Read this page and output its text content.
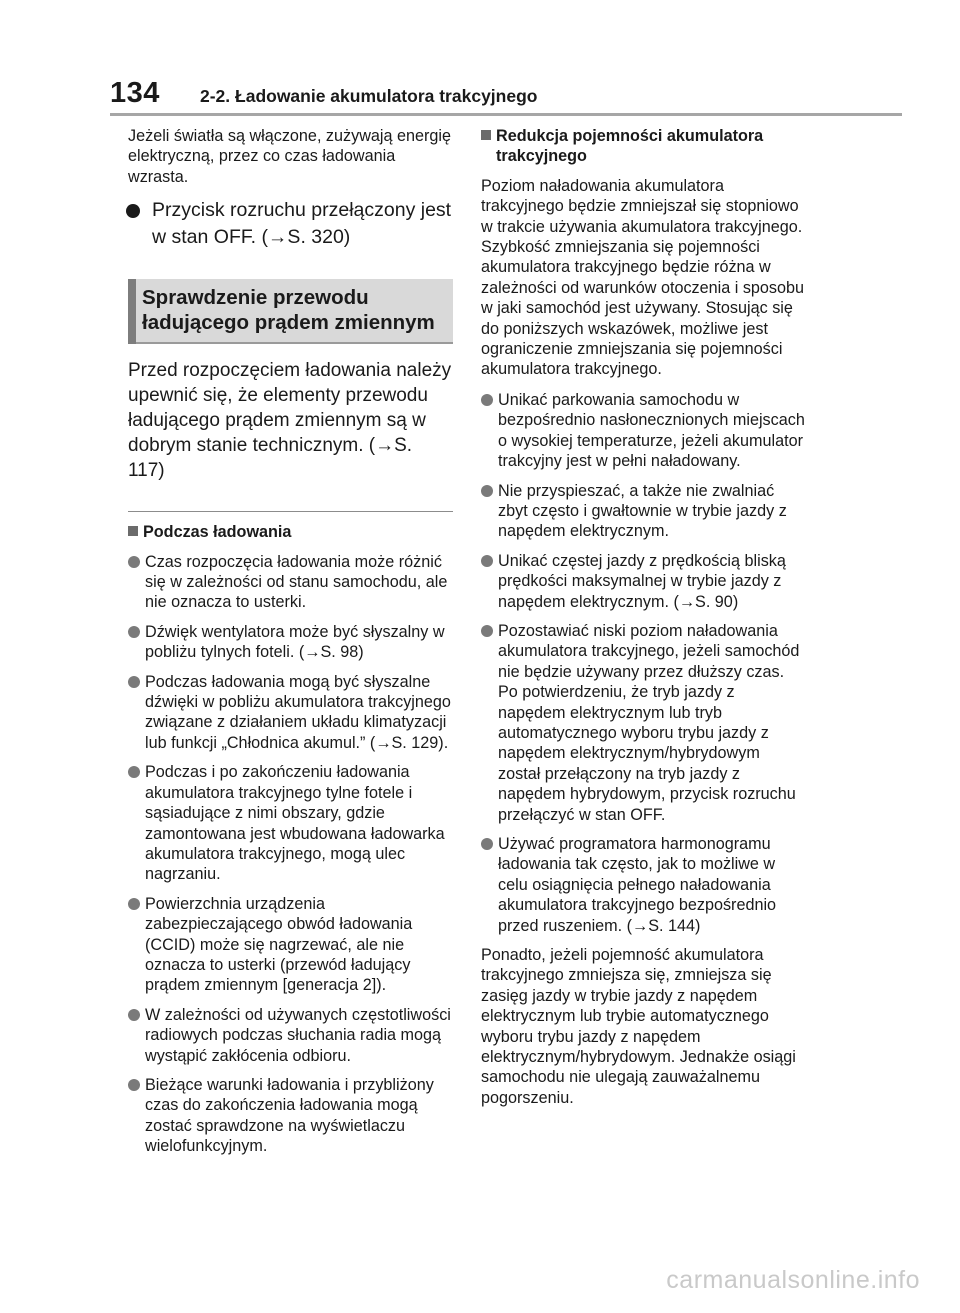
134 2-2. Ładowanie akumulatora trakcyjnego

Jeżeli światła są włączone, zużywają energię elektryczną, przez co czas ładowania wzrasta.

Przycisk rozruchu przełączony jest w stan OFF. (→S. 320)
Sprawdzenie przewodu ładującego prądem zmiennym

Przed rozpoczęciem ładowania należy upewnić się, że elementy przewodu ładującego prądem zmiennym są w dobrym stanie technicznym. (→S. 117)

Podczas ładowania
Czas rozpoczęcia ładowania może różnić się w zależności od stanu samochodu, ale nie oznacza to usterki.
Dźwięk wentylatora może być słyszalny w pobliżu tylnych foteli. (→S. 98)
Podczas ładowania mogą być słyszalne dźwięki w pobliżu akumulatora trakcyjnego związane z działaniem układu klimatyzacji lub funkcji „Chłodnica akumul.” (→S. 129).
Podczas i po zakończeniu ładowania akumulatora trakcyjnego tylne fotele i sąsiadujące z nimi obszary, gdzie zamontowana jest wbudowana ładowarka akumulatora trakcyjnego, mogą ulec nagrzaniu.
Powierzchnia urządzenia zabezpieczającego obwód ładowania (CCID) może się nagrzewać, ale nie oznacza to usterki (przewód ładujący prądem zmiennym [generacja 2]).
W zależności od używanych częstotliwości radiowych podczas słuchania radia mogą wystąpić zakłócenia odbioru.
Bieżące warunki ładowania i przybliżony czas do zakończenia ładowania mogą zostać sprawdzone na wyświetlaczu wielofunkcyjnym.
Redukcja pojemności akumulatora trakcyjnego

Poziom naładowania akumulatora trakcyjnego będzie zmniejszał się stopniowo w trakcie używania akumulatora trakcyjnego. Szybkość zmniejszania się pojemności akumulatora trakcyjnego będzie różna w zależności od warunków otoczenia i sposobu w jaki samochód jest używany. Stosując się do poniższych wskazówek, możliwe jest ograniczenie zmniejszania się pojemności akumulatora trakcyjnego.

Unikać parkowania samochodu w bezpośrednio nasłonecznionych miejscach o wysokiej temperaturze, jeżeli akumulator trakcyjny jest w pełni naładowany.
Nie przyspieszać, a także nie zwalniać zbyt często i gwałtownie w trybie jazdy z napędem elektrycznym.
Unikać częstej jazdy z prędkością bliską prędkości maksymalnej w trybie jazdy z napędem elektrycznym. (→S. 90)
Pozostawiać niski poziom naładowania akumulatora trakcyjnego, jeżeli samochód nie będzie używany przez dłuższy czas.
Po potwierdzeniu, że tryb jazdy z napędem elektrycznym lub tryb automatycznego wyboru trybu jazdy z napędem elektrycznym/hybrydowym został przełączony na tryb jazdy z napędem hybrydowym, przycisk rozruchu przełączyć w stan OFF.
Używać programatora harmonogramu ładowania tak często, jak to możliwe w celu osiągnięcia pełnego naładowania akumulatora trakcyjnego bezpośrednio przed ruszeniem. (→S. 144)

Ponadto, jeżeli pojemność akumulatora trakcyjnego zmniejsza się, zmniejsza się zasięg jazdy w trybie jazdy z napędem elektrycznym lub trybie automatycznego wyboru trybu jazdy z napędem elektrycznym/hybrydowym. Jednakże osiągi samochodu nie ulegają zauważalnemu pogorszeniu.

carmanualsonline.info
